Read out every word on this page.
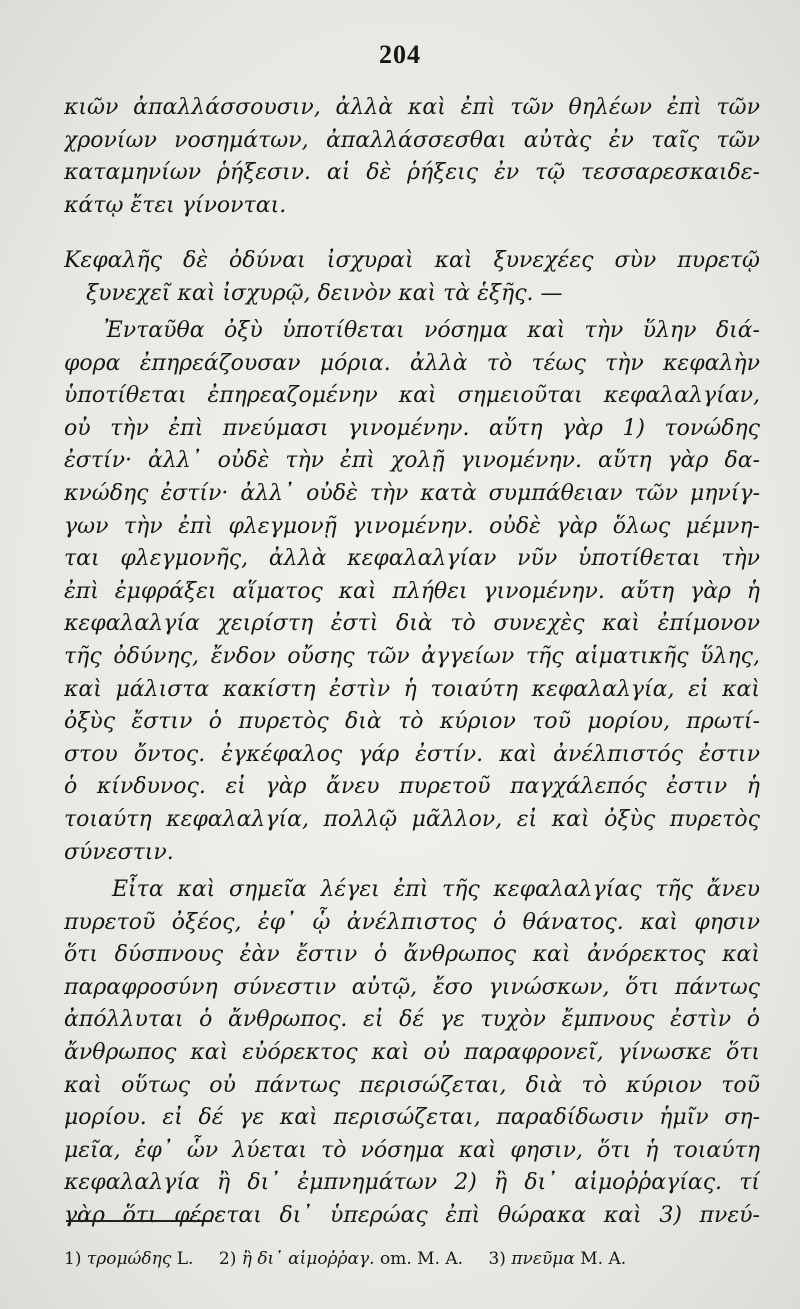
204
κιῶν ἀπαλλάσσουσιν, ἀλλὰ καὶ ἐπὶ τῶν θηλέων ἐπὶ τῶν
χρονίων νοσημάτων, ἀπαλλάσσεσθαι αὐτὰς ἐν ταῖς τῶν
καταμηνίων ῥήξεσιν. αἱ δὲ ῥήξεις ἐν τῷ τεσσαρεσκαιδε-
κάτῳ ἔτει γίνονται.
Κεφαλῆς δὲ ὀδύναι ἰσχυραὶ καὶ ξυνεχέες σὺν πυρετῷ
ξυνεχεῖ καὶ ἰσχυρῷ, δεινὸν καὶ τὰ ἑξῆς. —
Ἐνταῦθα ὀξὺ ὑποτίθεται νόσημα καὶ τὴν ὕλην διά-
φορα ἐπηρεάζουσαν μόρια. ἀλλὰ τὸ τέως τὴν κεφαλὴν
ὑποτίθεται ἐπηρεαζομένην καὶ σημειοῦται κεφαλαλγίαν,
οὐ τὴν ἐπὶ πνεύμασι γινομένην. αὕτη γὰρ 1) τονώδης
ἐστίν· ἀλλ᾽ οὐδὲ τὴν ἐπὶ χολῇ γινομένην. αὕτη γὰρ δα-
κνώδης ἐστίν· ἀλλ᾽ οὐδὲ τὴν κατὰ συμπάθειαν τῶν μηνίγ-
γων τὴν ἐπὶ φλεγμονῇ γινομένην. οὐδὲ γὰρ ὅλως μέμνη-
ται φλεγμονῆς, ἀλλὰ κεφαλαλγίαν νῦν ὑποτίθεται τὴν
ἐπὶ ἐμφράξει αἵματος καὶ πλήθει γινομένην. αὕτη γὰρ ἡ
κεφαλαλγία χειρίστη ἐστὶ διὰ τὸ συνεχὲς καὶ ἐπίμονον
τῆς ὀδύνης, ἔνδον οὔσης τῶν ἀγγείων τῆς αἱματικῆς ὕλης,
καὶ μάλιστα κακίστη ἐστὶν ἡ τοιαύτη κεφαλαλγία, εἰ καὶ
ὀξὺς ἔστιν ὁ πυρετὸς διὰ τὸ κύριον τοῦ μορίου, πρωτί-
στου ὄντος. ἐγκέφαλος γάρ ἐστίν. καὶ ἀνέλπιστός ἐστιν
ὁ κίνδυνος. εἰ γὰρ ἄνευ πυρετοῦ παγχάλεπός ἐστιν ἡ
τοιαύτη κεφαλαλγία, πολλῷ μᾶλλον, εἰ καὶ ὀξὺς πυρετὸς
σύνεστιν.
Εἶτα καὶ σημεῖα λέγει ἐπὶ τῆς κεφαλαλγίας τῆς ἄνευ
πυρετοῦ ὀξέος, ἐφ᾽ ᾧ ἀνέλπιστος ὁ θάνατος. καὶ φησιν
ὅτι δύσπνους ἐὰν ἔστιν ὁ ἄνθρωπος καὶ ἀνόρεκτος καὶ
παραφροσύνη σύνεστιν αὐτῷ, ἔσο γινώσκων, ὅτι πάντως
ἀπόλλυται ὁ ἄνθρωπος. εἰ δέ γε τυχὸν ἔμπνους ἐστὶν ὁ
ἄνθρωπος καὶ εὐόρεκτος καὶ οὐ παραφρονεῖ, γίνωσκε ὅτι
καὶ οὕτως οὐ πάντως περισώζεται, διὰ τὸ κύριον τοῦ
μορίου. εἰ δέ γε καὶ περισώζεται, παραδίδωσιν ἡμῖν ση-
μεῖα, ἐφ᾽ ὧν λύεται τὸ νόσημα καὶ φησιν, ὅτι ἡ τοιαύτη
κεφαλαλγία ἢ δι᾽ ἐμπνημάτων 2) ἢ δι᾽ αἱμοῤῥαγίας. τί
γὰρ ὅτι φέρεται δι᾽ ὑπερώας ἐπὶ θώρακα καὶ 3) πνεύ-
1) τρομώδης L. 2) ἢ δι᾽ αἱμοῤῥαγ. om. M. A. 3) πνεῦμα M. A.
